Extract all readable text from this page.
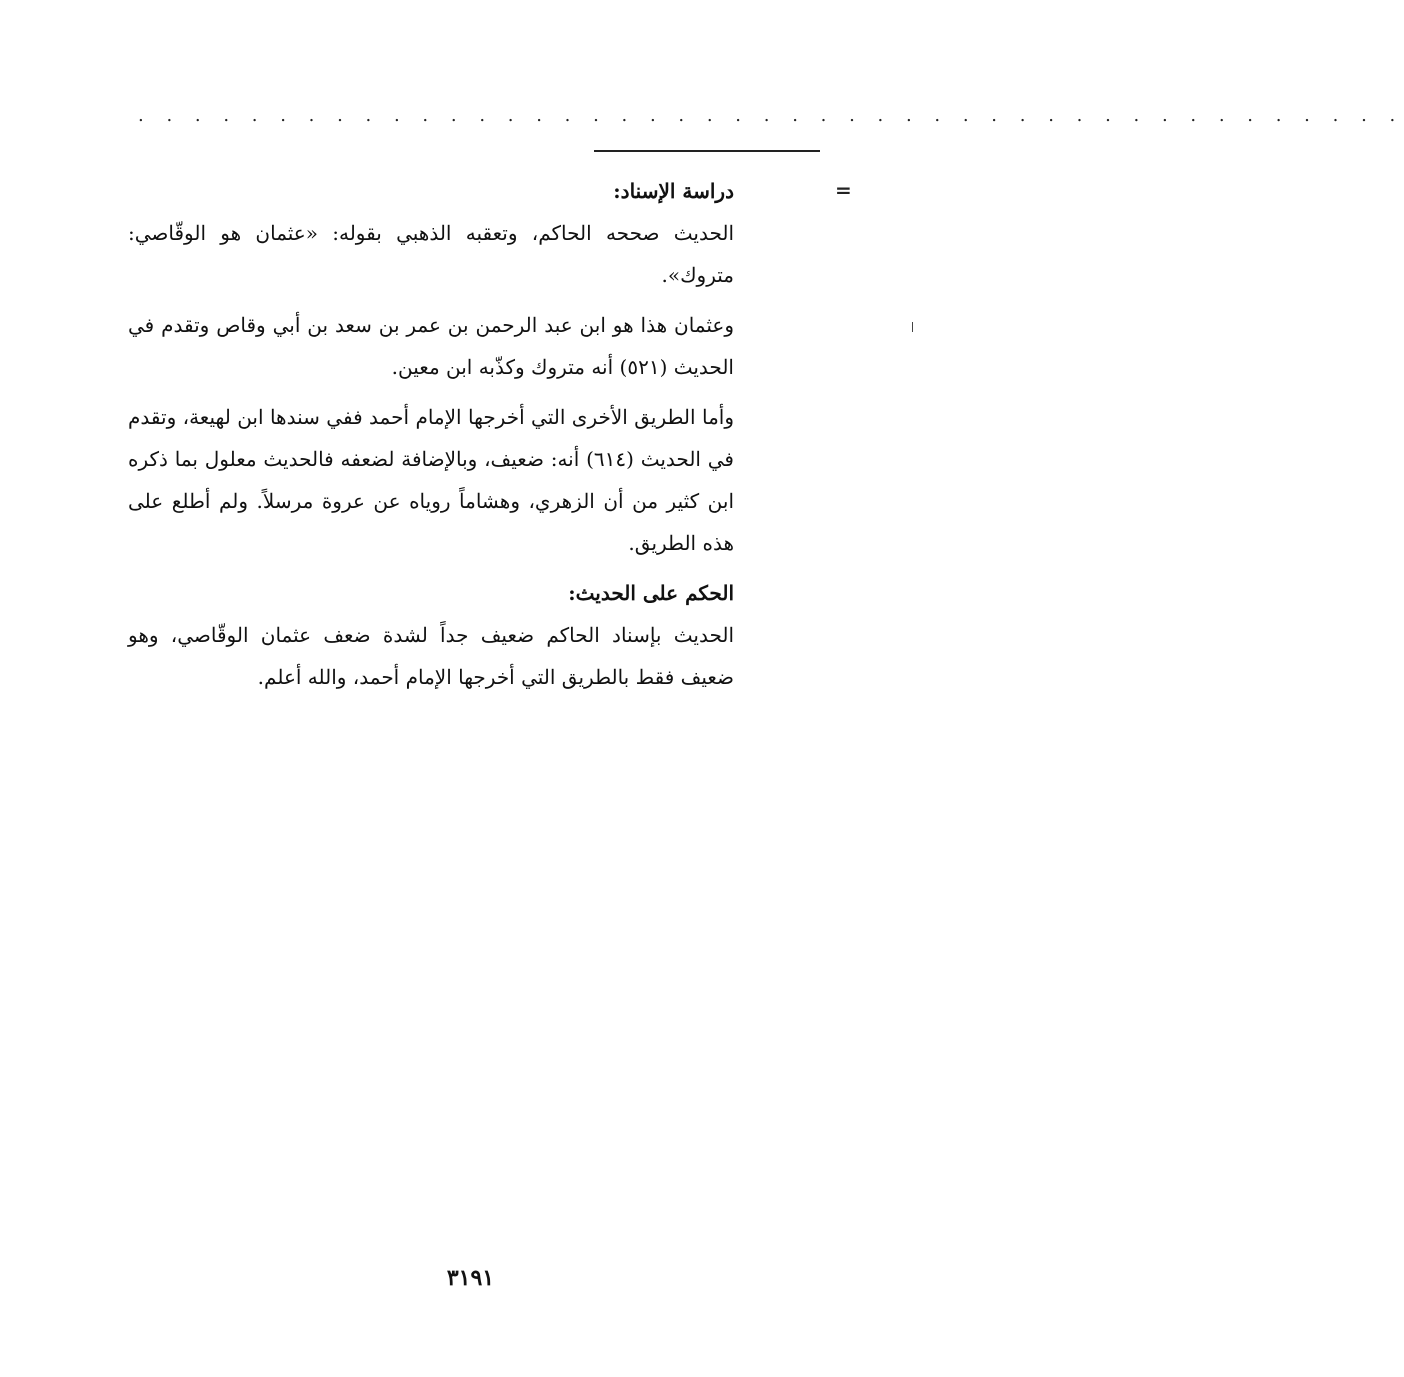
. . . . . . . . . . . . . . . . . . . . . . . . . . . . . . . . . . . . . . . . . . . . .
=

دراسة الإسناد:

الحديث صححه الحاكم، وتعقبه الذهبي بقوله: «عثمان هو الوقّاصي: متروك».

وعثمان هذا هو ابن عبد الرحمن بن عمر بن سعد بن أبي وقاص وتقدم في الحديث (٥٢١) أنه متروك وكذّبه ابن معين.

وأما الطريق الأخرى التي أخرجها الإمام أحمد ففي سندها ابن لهيعة، وتقدم في الحديث (٦١٤) أنه: ضعيف، وبالإضافة لضعفه فالحديث معلول بما ذكره ابن كثير من أن الزهري، وهشاماً روياه عن عروة مرسلاً. ولم أطلع على هذه الطريق.

الحكم على الحديث:

الحديث بإسناد الحاكم ضعيف جداً لشدة ضعف عثمان الوقّاصي، وهو ضعيف فقط بالطريق التي أخرجها الإمام أحمد، والله أعلم.

٣١٩١
